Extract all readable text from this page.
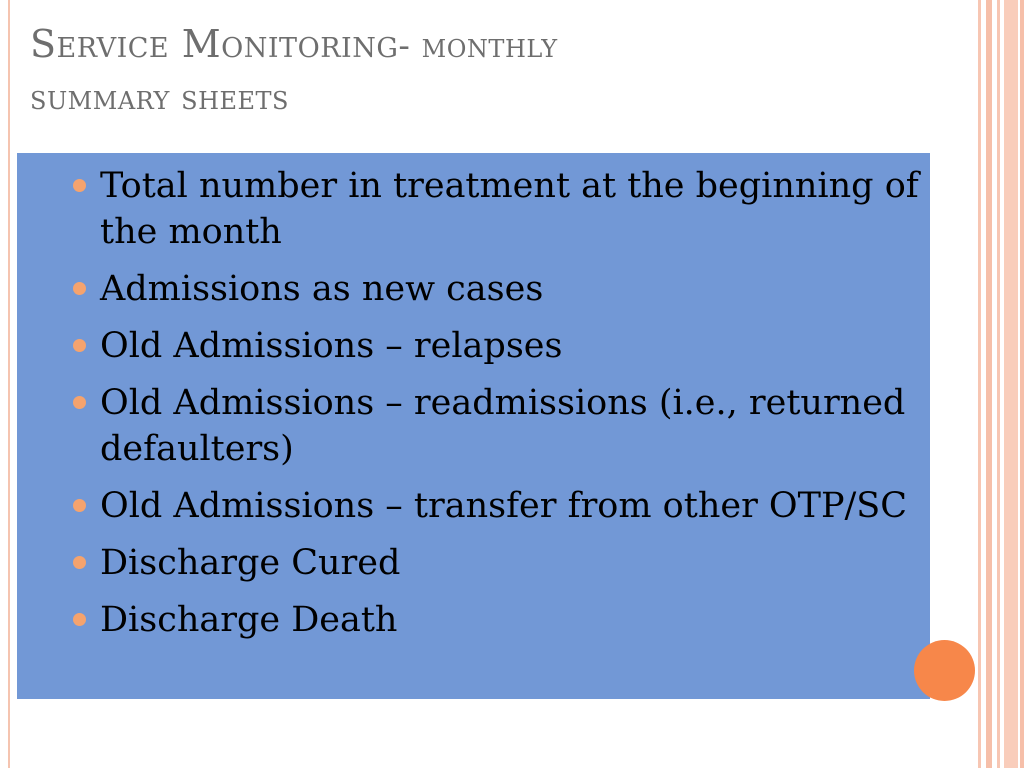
Service Monitoring- monthly
summary sheets
Total number in treatment at the beginning of the month
Admissions as new cases
Old Admissions – relapses
Old Admissions – readmissions (i.e., returned defaulters)
Old Admissions – transfer from other OTP/SC
Discharge Cured
Discharge Death
